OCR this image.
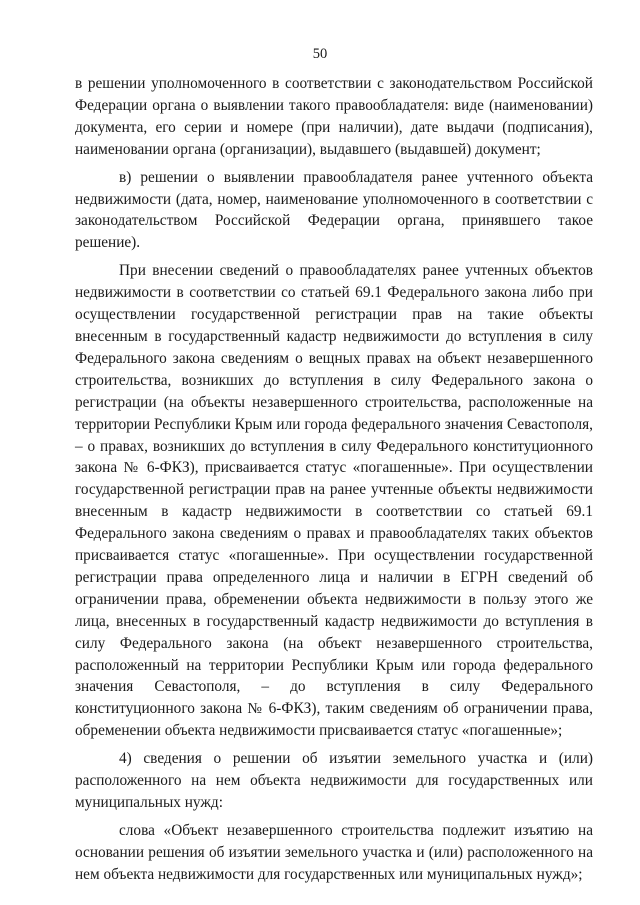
50

в решении уполномоченного в соответствии с законодательством Российской Федерации органа о выявлении такого правообладателя: виде (наименовании) документа, его серии и номере (при наличии), дате выдачи (подписания), наименовании органа (организации), выдавшего (выдавшей) документ;

в) решении о выявлении правообладателя ранее учтенного объекта недвижимости (дата, номер, наименование уполномоченного в соответствии с законодательством Российской Федерации органа, принявшего такое решение).

При внесении сведений о правообладателях ранее учтенных объектов недвижимости в соответствии со статьей 69.1 Федерального закона либо при осуществлении государственной регистрации прав на такие объекты внесенным в государственный кадастр недвижимости до вступления в силу Федерального закона сведениям о вещных правах на объект незавершенного строительства, возникших до вступления в силу Федерального закона о регистрации (на объекты незавершенного строительства, расположенные на территории Республики Крым или города федерального значения Севастополя, – о правах, возникших до вступления в силу Федерального конституционного закона № 6-ФКЗ), присваивается статус «погашенные». При осуществлении государственной регистрации прав на ранее учтенные объекты недвижимости внесенным в кадастр недвижимости в соответствии со статьей 69.1 Федерального закона сведениям о правах и правообладателях таких объектов присваивается статус «погашенные». При осуществлении государственной регистрации права определенного лица и наличии в ЕГРН сведений об ограничении права, обременении объекта недвижимости в пользу этого же лица, внесенных в государственный кадастр недвижимости до вступления в силу Федерального закона (на объект незавершенного строительства, расположенный на территории Республики Крым или города федерального значения Севастополя, – до вступления в силу Федерального конституционного закона № 6-ФКЗ), таким сведениям об ограничении права, обременении объекта недвижимости присваивается статус «погашенные»;

4) сведения о решении об изъятии земельного участка и (или) расположенного на нем объекта недвижимости для государственных или муниципальных нужд:

слова «Объект незавершенного строительства подлежит изъятию на основании решения об изъятии земельного участка и (или) расположенного на нем объекта недвижимости для государственных или муниципальных нужд»;
